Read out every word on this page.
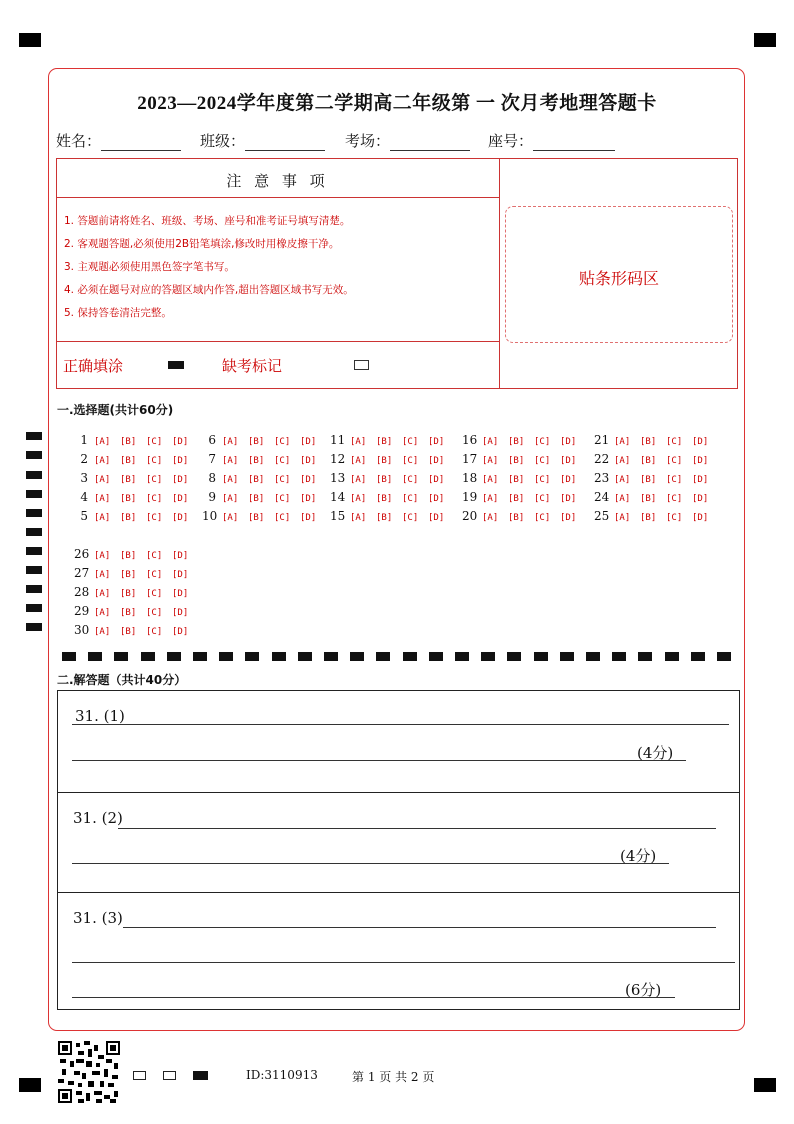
2023—2024学年度第二学期高二年级第 一 次月考地理答题卡
姓名：	班级：	考场：	座号：
注 意 事 项
1. 答题前请将姓名、班级、考场、座号和准考证号填写清楚。
2. 客观题答题,必须使用2B铅笔填涂,修改时用橡皮擦干净。
3. 主观题必须使用黑色签字笔书写。
4. 必须在题号对应的答题区域内作答,超出答题区域书写无效。
5. 保持答卷清洁完整。
正确填涂	缺考标记
贴条形码区
一.选择题(共计60分)
1 [A] [B] [C] [D]
2 [A] [B] [C] [D]
3 [A] [B] [C] [D]
4 [A] [B] [C] [D]
5 [A] [B] [C] [D]
6 [A] [B] [C] [D]
7 [A] [B] [C] [D]
8 [A] [B] [C] [D]
9 [A] [B] [C] [D]
10 [A] [B] [C] [D]
11 [A] [B] [C] [D]
12 [A] [B] [C] [D]
13 [A] [B] [C] [D]
14 [A] [B] [C] [D]
15 [A] [B] [C] [D]
16 [A] [B] [C] [D]
17 [A] [B] [C] [D]
18 [A] [B] [C] [D]
19 [A] [B] [C] [D]
20 [A] [B] [C] [D]
21 [A] [B] [C] [D]
22 [A] [B] [C] [D]
23 [A] [B] [C] [D]
24 [A] [B] [C] [D]
25 [A] [B] [C] [D]
26 [A] [B] [C] [D]
27 [A] [B] [C] [D]
28 [A] [B] [C] [D]
29 [A] [B] [C] [D]
30 [A] [B] [C] [D]
二.解答题（共计40分）
31. (1)
(4分)
31. (2)
(4分)
31. (3)
(6分)
ID:3110913	第 1 页 共 2 页
